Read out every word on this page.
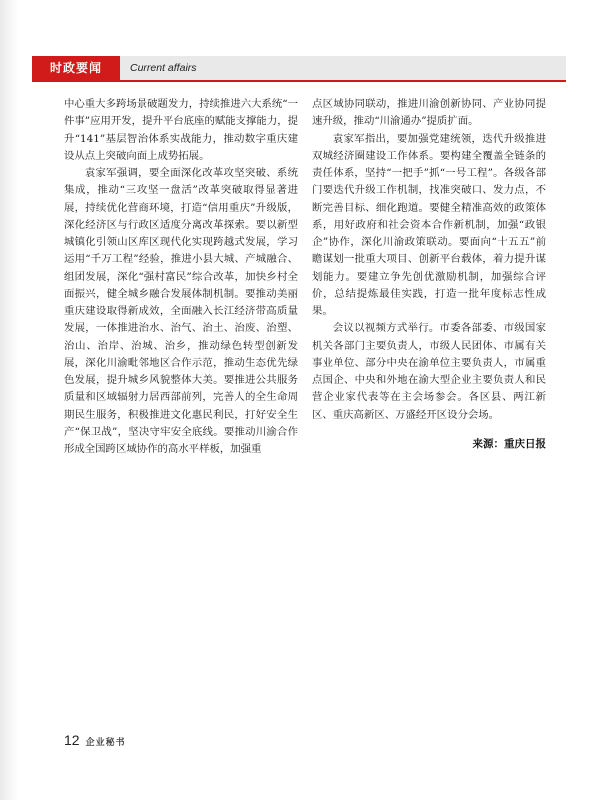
时政要闻	Current affairs

中心重大多跨场景破题发力，持续推进六大系统“一件事”应用开发，提升平台底座的赋能支撑能力，提升“141”基层智治体系实战能力，推动数字重庆建设从点上突破向面上成势拓展。

袁家军强调，要全面深化改革攻坚突破、系统集成，推动“三攻坚一盘活”改革突破取得显著进展，持续优化营商环境，打造“信用重庆”升级版，深化经济区与行政区适度分离改革探索。要以新型城镇化引领山区库区现代化实现跨越式发展，学习运用“千万工程”经验，推进小县大城、产城融合、组团发展，深化“强村富民”综合改革，加快乡村全面振兴，健全城乡融合发展体制机制。要推动美丽重庆建设取得新成效，全面融入长江经济带高质量发展，一体推进治水、治气、治土、治废、治塑、治山、治岸、治城、治乡，推动绿色转型创新发展，深化川渝毗邻地区合作示范，推动生态优先绿色发展，提升城乡风貌整体大美。要推进公共服务质量和区域辐射力居西部前列，完善人的全生命周期民生服务，积极推进文化惠民利民，打好安全生产“保卫战”，坚决守牢安全底线。要推动川渝合作形成全国跨区域协作的高水平样板，加强重

点区域协同联动，推进川渝创新协同、产业协同提速升级，推动“川渝通办”提质扩面。

袁家军指出，要加强党建统领，迭代升级推进双城经济圈建设工作体系。要构建全覆盖全链条的责任体系，坚持“一把手”抓“一号工程”。各级各部门要迭代升级工作机制，找准突破口、发力点，不断完善目标、细化跑道。要健全精准高效的政策体系，用好政府和社会资本合作新机制，加强“政银企”协作，深化川渝政策联动。要面向“十五五”前瞻谋划一批重大项目、创新平台载体，着力提升谋划能力。要建立争先创优激励机制，加强综合评价，总结提炼最佳实践，打造一批年度标志性成果。

会议以视频方式举行。市委各部委、市级国家机关各部门主要负责人，市级人民团体、市属有关事业单位、部分中央在渝单位主要负责人，市属重点国企、中央和外地在渝大型企业主要负责人和民营企业家代表等在主会场参会。各区县、两江新区、重庆高新区、万盛经开区设分会场。

来源：重庆日报
12 企业秘书
